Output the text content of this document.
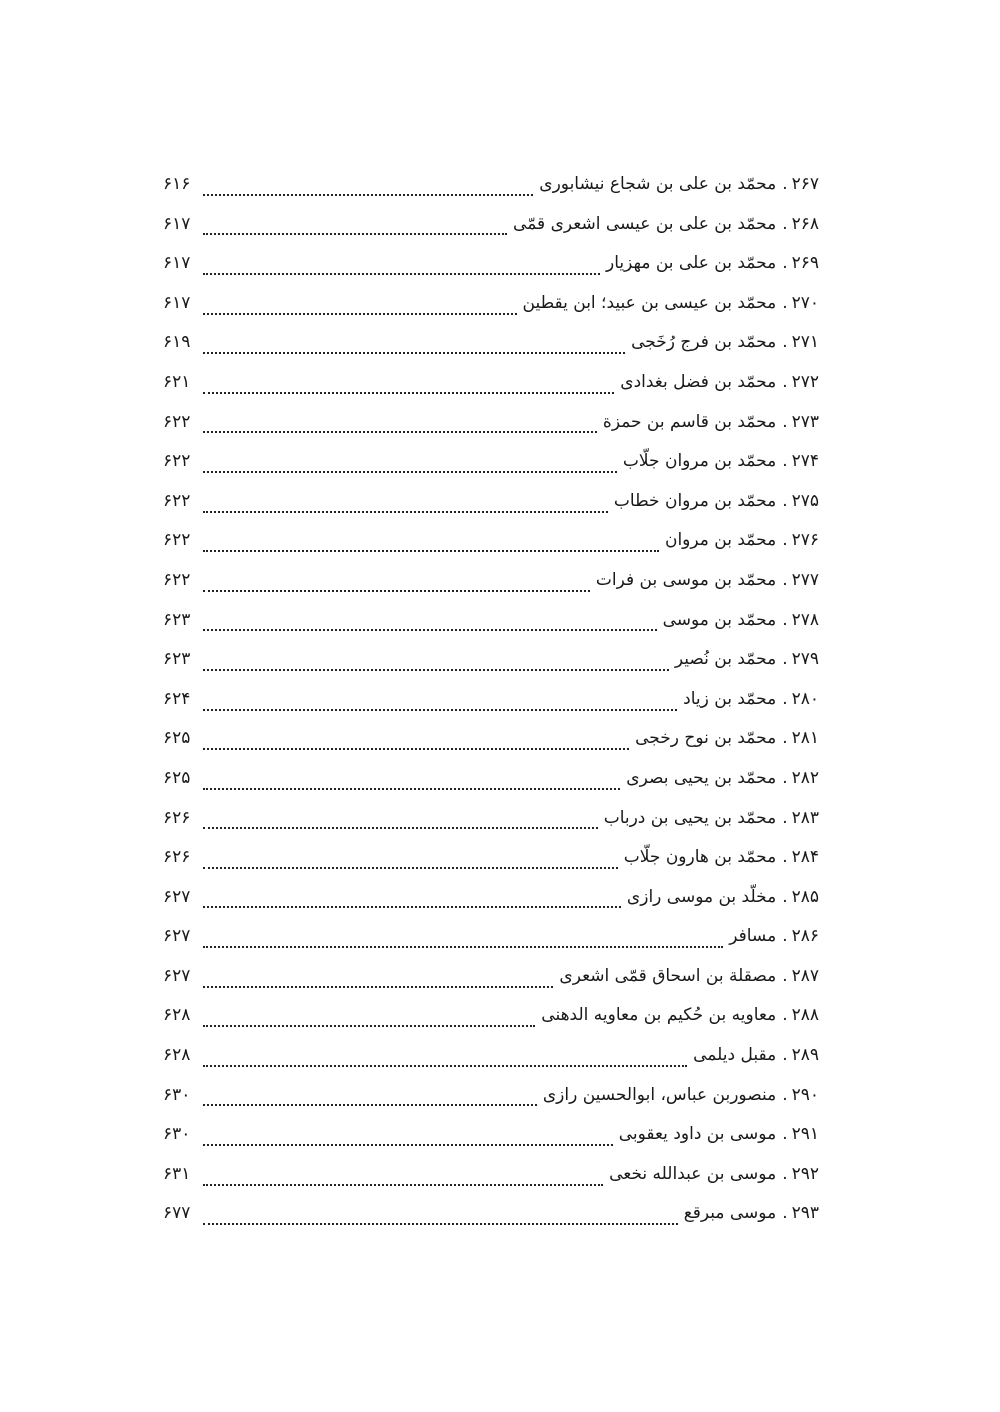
۲۶۷
.
محمّد بن علی بن شجاع نیشابوری
۶۱۶
۲۶۸
.
محمّد بن علی بن عیسی اشعری قمّی
۶۱۷
۲۶۹
.
محمّد بن علی بن مهزیار
۶۱۷
۲۷۰
.
محمّد بن عیسی بن عبید؛ ابن یقطین
۶۱۷
۲۷۱
.
محمّد بن فرج رُخَجی
۶۱۹
۲۷۲
.
محمّد بن فضل بغدادی
۶۲۱
۲۷۳
.
محمّد بن قاسم بن حمزة
۶۲۲
۲۷۴
.
محمّد بن مروان جلّاب
۶۲۲
۲۷۵
.
محمّد بن مروان خطاب
۶۲۲
۲۷۶
.
محمّد بن مروان
۶۲۲
۲۷۷
.
محمّد بن موسی بن فرات
۶۲۲
۲۷۸
.
محمّد بن موسی
۶۲۳
۲۷۹
.
محمّد بن نُصیر
۶۲۳
۲۸۰
.
محمّد بن زیاد
۶۲۴
۲۸۱
.
محمّد بن نوح رخجی
۶۲۵
۲۸۲
.
محمّد بن یحیی بصری
۶۲۵
۲۸۳
.
محمّد بن یحیی بن درباب
۶۲۶
۲۸۴
.
محمّد بن هارون جلّاب
۶۲۶
۲۸۵
.
مخلّد بن موسی رازی
۶۲۷
۲۸۶
.
مسافر
۶۲۷
۲۸۷
.
مصقلة بن اسحاق قمّی اشعری
۶۲۷
۲۸۸
.
معاویه بن حُکیم بن معاویه الدهنی
۶۲۸
۲۸۹
.
مقبل دیلمی
۶۲۸
۲۹۰
.
منصوربن عباس، ابوالحسین رازی
۶۳۰
۲۹۱
.
موسی بن داود یعقوبی
۶۳۰
۲۹۲
.
موسی بن عبدالله نخعی
۶۳۱
۲۹۳
.
موسی مبرقع
۶۷۷
